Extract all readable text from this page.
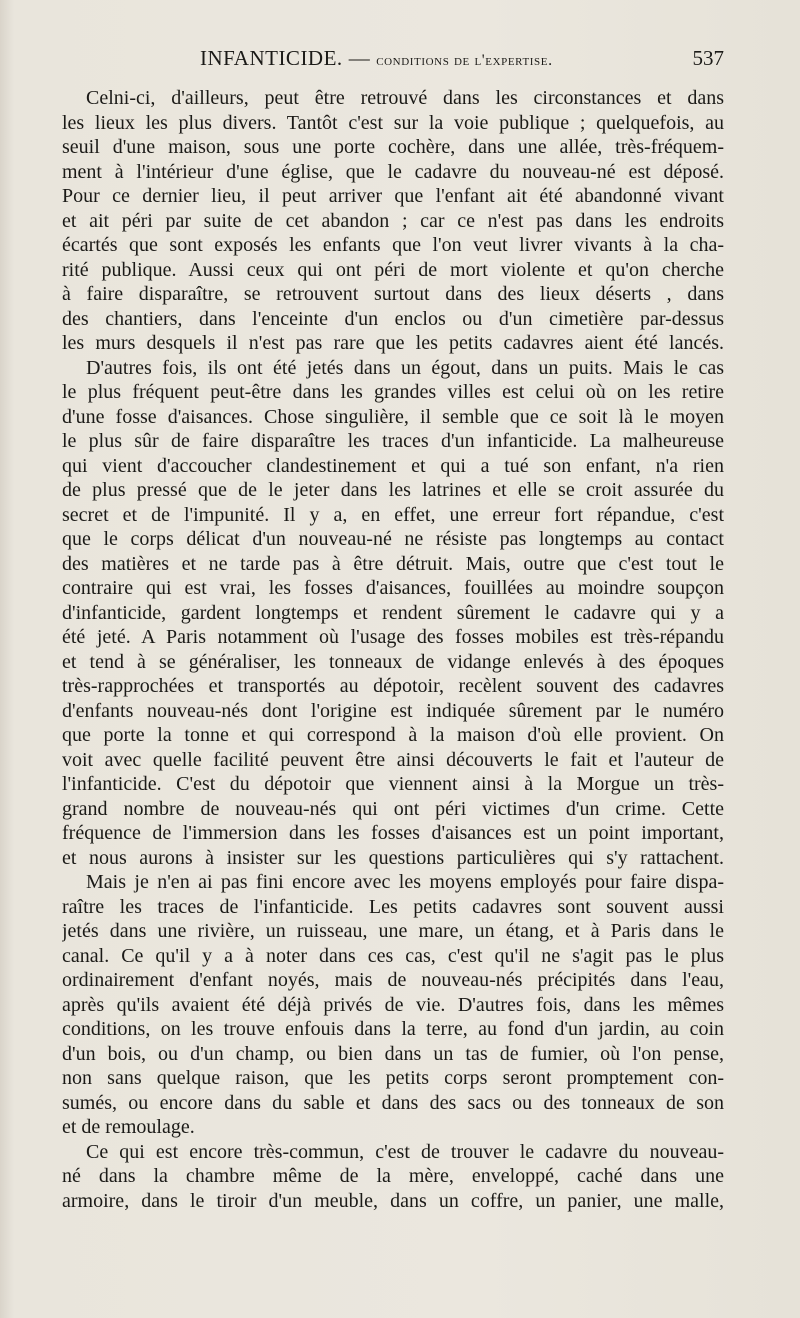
INFANTICIDE. — conditions de l'expertise.	537
Celni-ci, d'ailleurs, peut être retrouvé dans les circonstances et dans
les lieux les plus divers. Tantôt c'est sur la voie publique ; quelquefois, au
seuil d'une maison, sous une porte cochère, dans une allée, très-fréquem-
ment à l'intérieur d'une église, que le cadavre du nouveau-né est déposé.
Pour ce dernier lieu, il peut arriver que l'enfant ait été abandonné vivant
et ait péri par suite de cet abandon ; car ce n'est pas dans les endroits
écartés que sont exposés les enfants que l'on veut livrer vivants à la cha-
rité publique. Aussi ceux qui ont péri de mort violente et qu'on cherche
à faire disparaître, se retrouvent surtout dans des lieux déserts , dans
des chantiers, dans l'enceinte d'un enclos ou d'un cimetière par-dessus
les murs desquels il n'est pas rare que les petits cadavres aient été lancés.
D'autres fois, ils ont été jetés dans un égout, dans un puits. Mais le cas
le plus fréquent peut-être dans les grandes villes est celui où on les retire
d'une fosse d'aisances. Chose singulière, il semble que ce soit là le moyen
le plus sûr de faire disparaître les traces d'un infanticide. La malheureuse
qui vient d'accoucher clandestinement et qui a tué son enfant, n'a rien
de plus pressé que de le jeter dans les latrines et elle se croit assurée du
secret et de l'impunité. Il y a, en effet, une erreur fort répandue, c'est
que le corps délicat d'un nouveau-né ne résiste pas longtemps au contact
des matières et ne tarde pas à être détruit. Mais, outre que c'est tout le
contraire qui est vrai, les fosses d'aisances, fouillées au moindre soupçon
d'infanticide, gardent longtemps et rendent sûrement le cadavre qui y a
été jeté. A Paris notamment où l'usage des fosses mobiles est très-répandu
et tend à se généraliser, les tonneaux de vidange enlevés à des époques
très-rapprochées et transportés au dépotoir, recèlent souvent des cadavres
d'enfants nouveau-nés dont l'origine est indiquée sûrement par le numéro
que porte la tonne et qui correspond à la maison d'où elle provient. On
voit avec quelle facilité peuvent être ainsi découverts le fait et l'auteur de
l'infanticide. C'est du dépotoir que viennent ainsi à la Morgue un très-
grand nombre de nouveau-nés qui ont péri victimes d'un crime. Cette
fréquence de l'immersion dans les fosses d'aisances est un point important,
et nous aurons à insister sur les questions particulières qui s'y rattachent.
Mais je n'en ai pas fini encore avec les moyens employés pour faire dispa-
raître les traces de l'infanticide. Les petits cadavres sont souvent aussi
jetés dans une rivière, un ruisseau, une mare, un étang, et à Paris dans le
canal. Ce qu'il y a à noter dans ces cas, c'est qu'il ne s'agit pas le plus
ordinairement d'enfant noyés, mais de nouveau-nés précipités dans l'eau,
après qu'ils avaient été déjà privés de vie. D'autres fois, dans les mêmes
conditions, on les trouve enfouis dans la terre, au fond d'un jardin, au coin
d'un bois, ou d'un champ, ou bien dans un tas de fumier, où l'on pense,
non sans quelque raison, que les petits corps seront promptement con-
sumés, ou encore dans du sable et dans des sacs ou des tonneaux de son
et de remoulage.
Ce qui est encore très-commun, c'est de trouver le cadavre du nouveau-
né dans la chambre même de la mère, enveloppé, caché dans une
armoire, dans le tiroir d'un meuble, dans un coffre, un panier, une malle,
